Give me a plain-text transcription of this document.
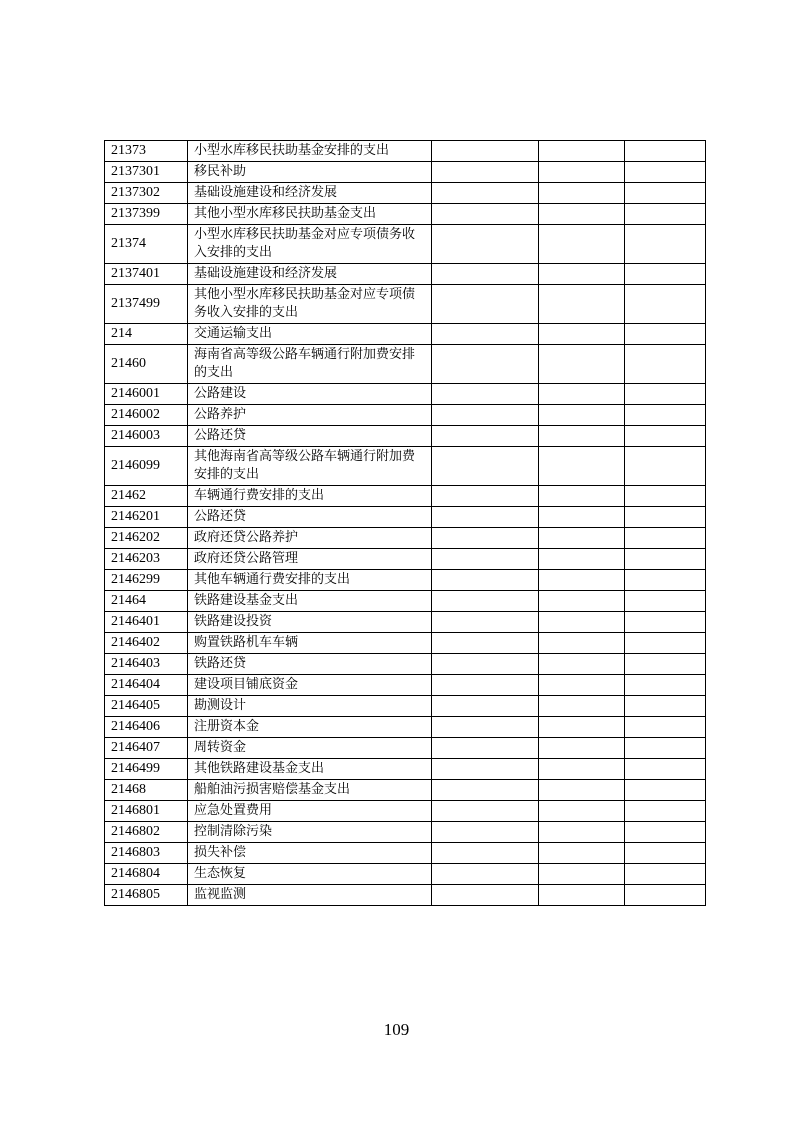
21373	小型水库移民扶助基金安排的支出			
2137301	移民补助			
2137302	基础设施建设和经济发展			
2137399	其他小型水库移民扶助基金支出			
21374	小型水库移民扶助基金对应专项债务收入安排的支出			
2137401	基础设施建设和经济发展			
2137499	其他小型水库移民扶助基金对应专项债务收入安排的支出			
214	交通运输支出			
21460	海南省高等级公路车辆通行附加费安排的支出			
2146001	公路建设			
2146002	公路养护			
2146003	公路还贷			
2146099	其他海南省高等级公路车辆通行附加费安排的支出			
21462	车辆通行费安排的支出			
2146201	公路还贷			
2146202	政府还贷公路养护			
2146203	政府还贷公路管理			
2146299	其他车辆通行费安排的支出			
21464	铁路建设基金支出			
2146401	铁路建设投资			
2146402	购置铁路机车车辆			
2146403	铁路还贷			
2146404	建设项目铺底资金			
2146405	勘测设计			
2146406	注册资本金			
2146407	周转资金			
2146499	其他铁路建设基金支出			
21468	船舶油污损害赔偿基金支出			
2146801	应急处置费用			
2146802	控制清除污染			
2146803	损失补偿			
2146804	生态恢复			
2146805	监视监测			
109
